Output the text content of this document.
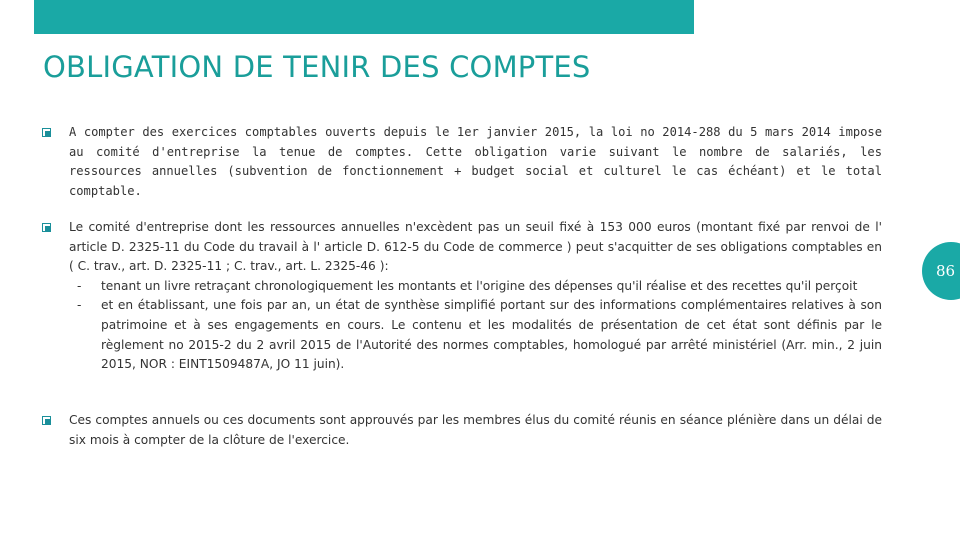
OBLIGATION DE TENIR DES COMPTES
A compter des exercices comptables ouverts depuis le 1er janvier 2015, la loi no 2014-288 du 5 mars 2014 impose au comité d'entreprise la tenue de comptes. Cette obligation varie suivant le nombre de salariés, les ressources annuelles (subvention de fonctionnement + budget social et culturel le cas échéant) et le total comptable.
Le comité d'entreprise dont les ressources annuelles n'excèdent pas un seuil fixé à 153 000 euros (montant fixé par renvoi de l' article D. 2325-11 du Code du travail à l' article D. 612-5 du Code de commerce ) peut s'acquitter de ses obligations comptables en ( C. trav., art. D. 2325-11 ; C. trav., art. L. 2325-46 ):
- tenant un livre retraçant chronologiquement les montants et l'origine des dépenses qu'il réalise et des recettes qu'il perçoit
- et en établissant, une fois par an, un état de synthèse simplifié portant sur des informations complémentaires relatives à son patrimoine et à ses engagements en cours. Le contenu et les modalités de présentation de cet état sont définis par le règlement no 2015-2 du 2 avril 2015 de l'Autorité des normes comptables, homologué par arrêté ministériel (Arr. min., 2 juin 2015, NOR : EINT1509487A, JO 11 juin).
Ces comptes annuels ou ces documents sont approuvés par les membres élus du comité réunis en séance plénière dans un délai de six mois à compter de la clôture de l'exercice.
86
